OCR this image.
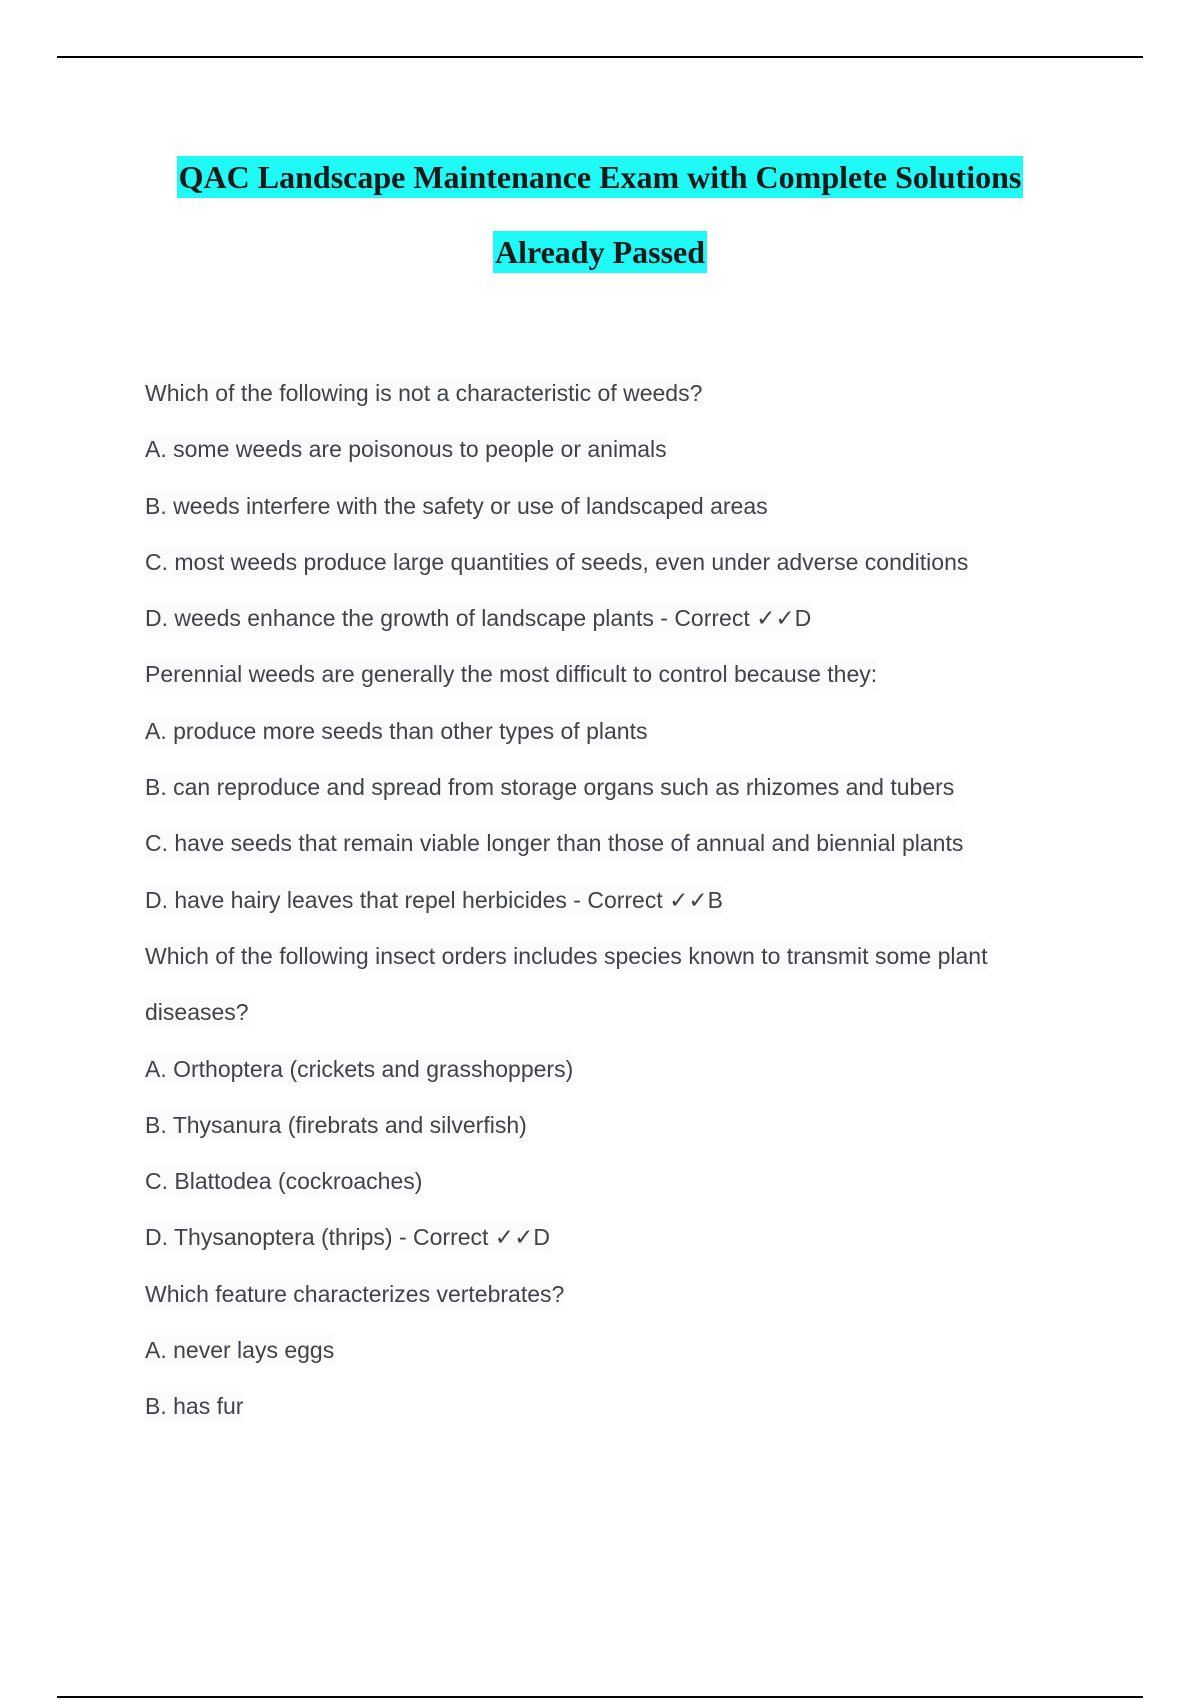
QAC Landscape Maintenance Exam with Complete Solutions
Already Passed
Which of the following is not a characteristic of weeds?
A. some weeds are poisonous to people or animals
B. weeds interfere with the safety or use of landscaped areas
C. most weeds produce large quantities of seeds, even under adverse conditions
D. weeds enhance the growth of landscape plants - Correct ✓✓D
Perennial weeds are generally the most difficult to control because they:
A. produce more seeds than other types of plants
B. can reproduce and spread from storage organs such as rhizomes and tubers
C. have seeds that remain viable longer than those of annual and biennial plants
D. have hairy leaves that repel herbicides - Correct ✓✓B
Which of the following insect orders includes species known to transmit some plant
diseases?
A. Orthoptera (crickets and grasshoppers)
B. Thysanura (firebrats and silverfish)
C. Blattodea (cockroaches)
D. Thysanoptera (thrips) - Correct ✓✓D
Which feature characterizes vertebrates?
A. never lays eggs
B. has fur
